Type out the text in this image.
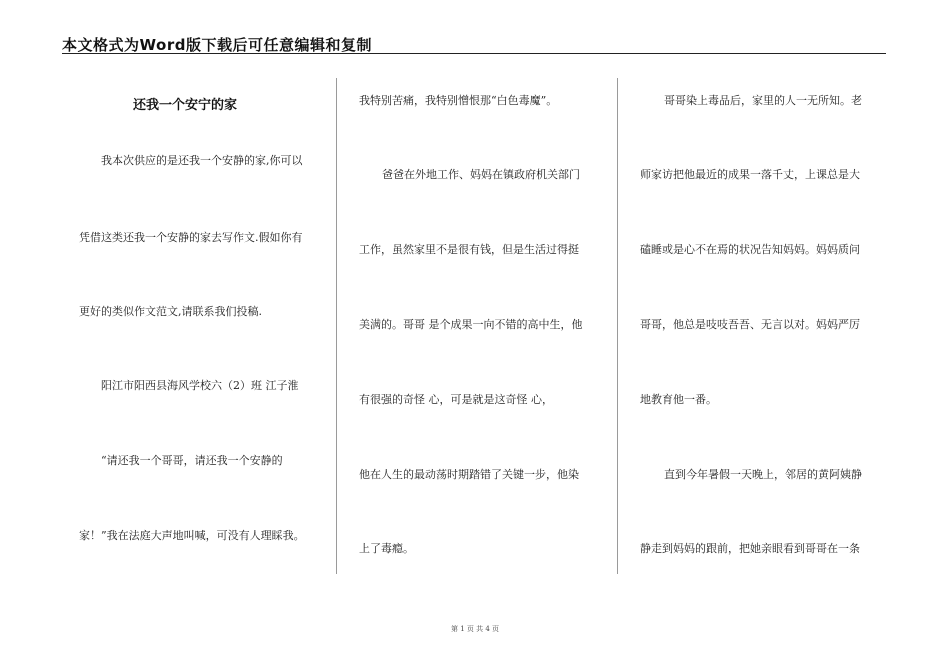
本文格式为Word版下载后可任意编辑和复制
还我一个安宁的家
我本次供应的是还我一个安静的家,你可以
凭借这类还我一个安静的家去写作文.假如你有
更好的类似作文范文,请联系我们投稿.
阳江市阳西县海风学校六（2）班 江子淮
“请还我一个哥哥，请还我一个安静的
家！”我在法庭大声地叫喊，可没有人理睬我。
我特别苦痛，我特别憎恨那“白色毒魔”。
爸爸在外地工作、妈妈在镇政府机关部门
工作，虽然家里不是很有钱，但是生活过得挺
美满的。哥哥 是个成果一向不错的高中生，他
有很强的奇怪 心，可是就是这奇怪 心，
他在人生的最动荡时期踏错了关键一步，他染
上了毒瘾。
哥哥染上毒品后，家里的人一无所知。老
师家访把他最近的成果一落千丈，上课总是大
磕睡或是心不在焉的状况告知妈妈。妈妈质问
哥哥，他总是吱吱吾吾、无言以对。妈妈严厉
地教育他一番。
直到今年暑假一天晚上，邻居的黄阿姨静
静走到妈妈的跟前，把她亲眼看到哥哥在一条
第 1 页 共 4 页
